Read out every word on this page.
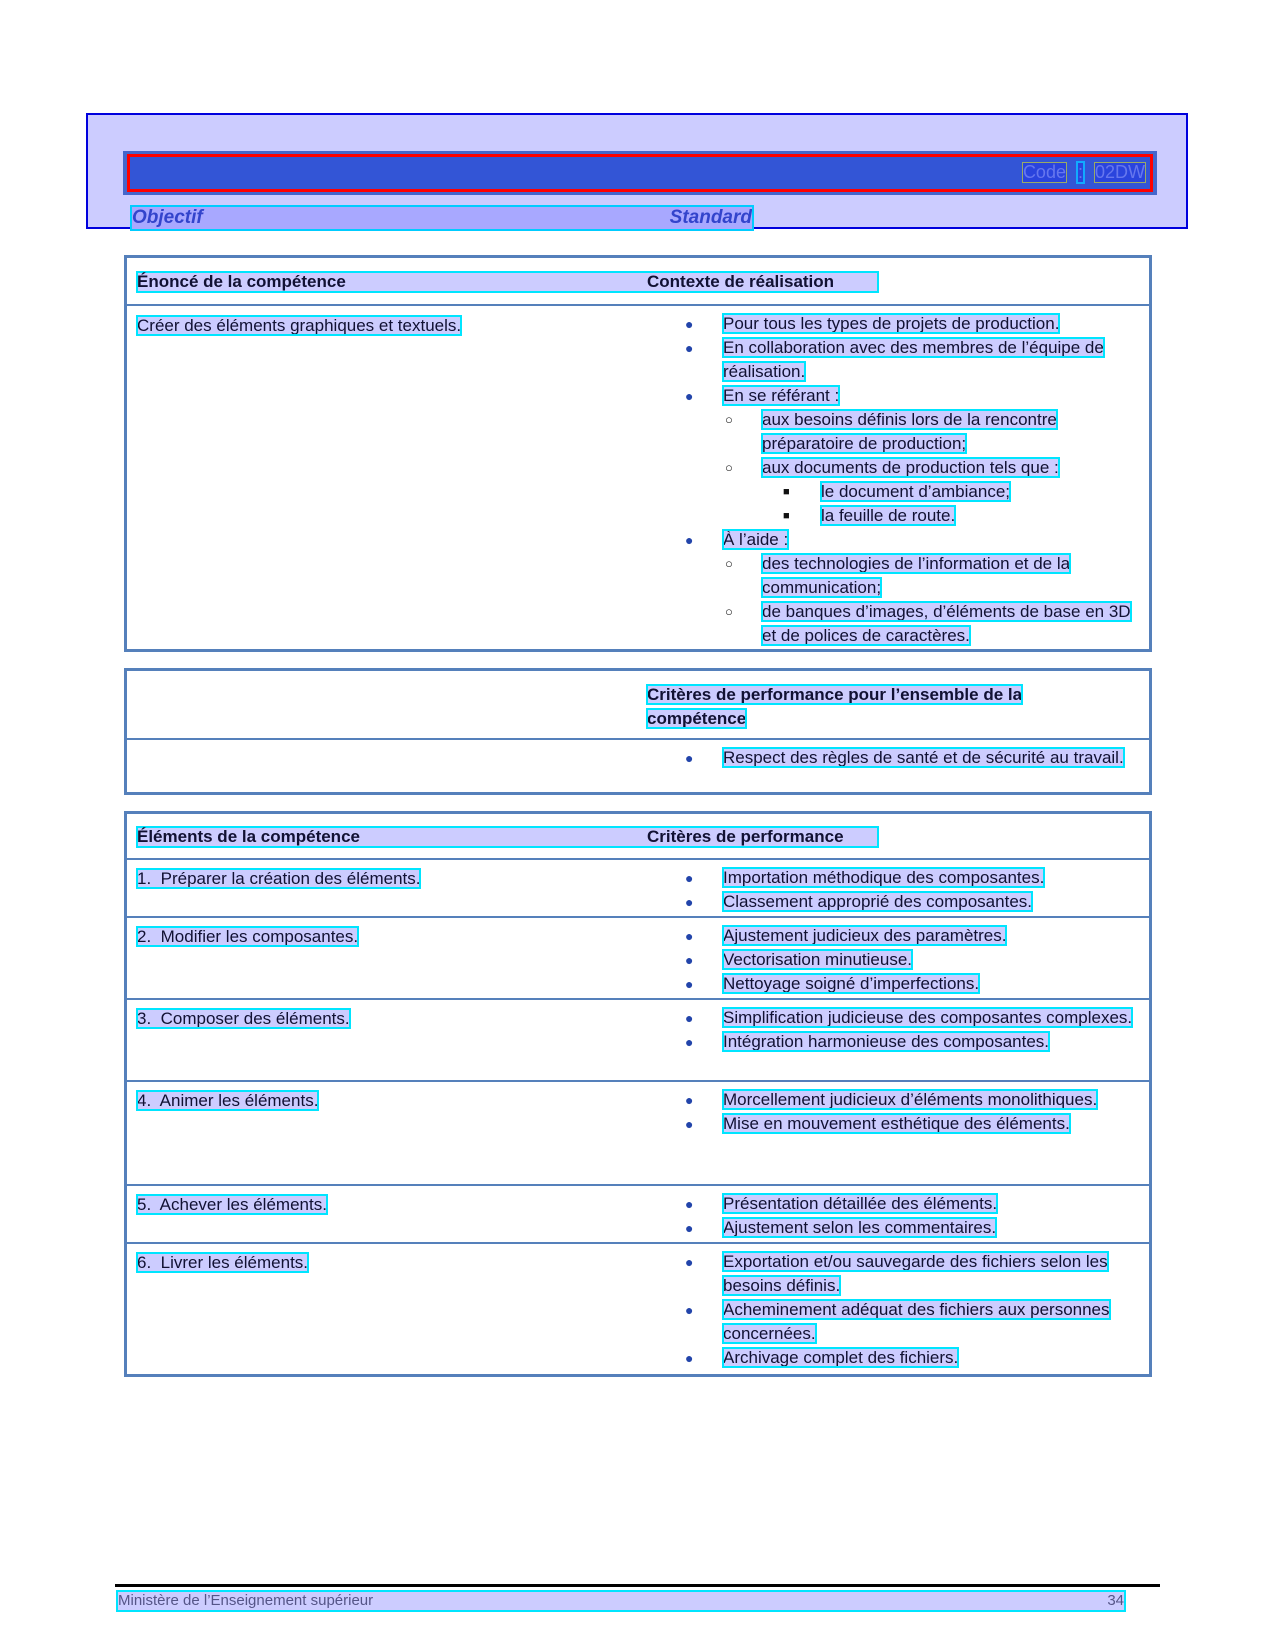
Code : 02DW
Objectif	Standard
Énoncé de la compétence	Contexte de réalisation
Créer des éléments graphiques et textuels.	● Pour tous les types de projets de production.
● En collaboration avec des membres de l’équipe de réalisation.
● En se référant :
○ aux besoins définis lors de la rencontre préparatoire de production;
○ aux documents de production tels que :
■ le document d’ambiance;
■ la feuille de route.
● À l’aide :
○ des technologies de l’information et de la communication;
○ de banques d’images, d’éléments de base en 3D et de polices de caractères.
Critères de performance pour l’ensemble de la compétence
● Respect des règles de santé et de sécurité au travail.
Éléments de la compétence	Critères de performance
1.  Préparer la création des éléments.	● Importation méthodique des composantes.
● Classement approprié des composantes.
2.  Modifier les composantes.	● Ajustement judicieux des paramètres.
● Vectorisation minutieuse.
● Nettoyage soigné d’imperfections.
3.  Composer des éléments.	● Simplification judicieuse des composantes complexes.
● Intégration harmonieuse des composantes.
4.  Animer les éléments.	● Morcellement judicieux d’éléments monolithiques.
● Mise en mouvement esthétique des éléments.
5.  Achever les éléments.	● Présentation détaillée des éléments.
● Ajustement selon les commentaires.
6.  Livrer les éléments.	● Exportation et/ou sauvegarde des fichiers selon les besoins définis.
● Acheminement adéquat des fichiers aux personnes concernées.
● Archivage complet des fichiers.
Ministère de l’Enseignement supérieur	34
